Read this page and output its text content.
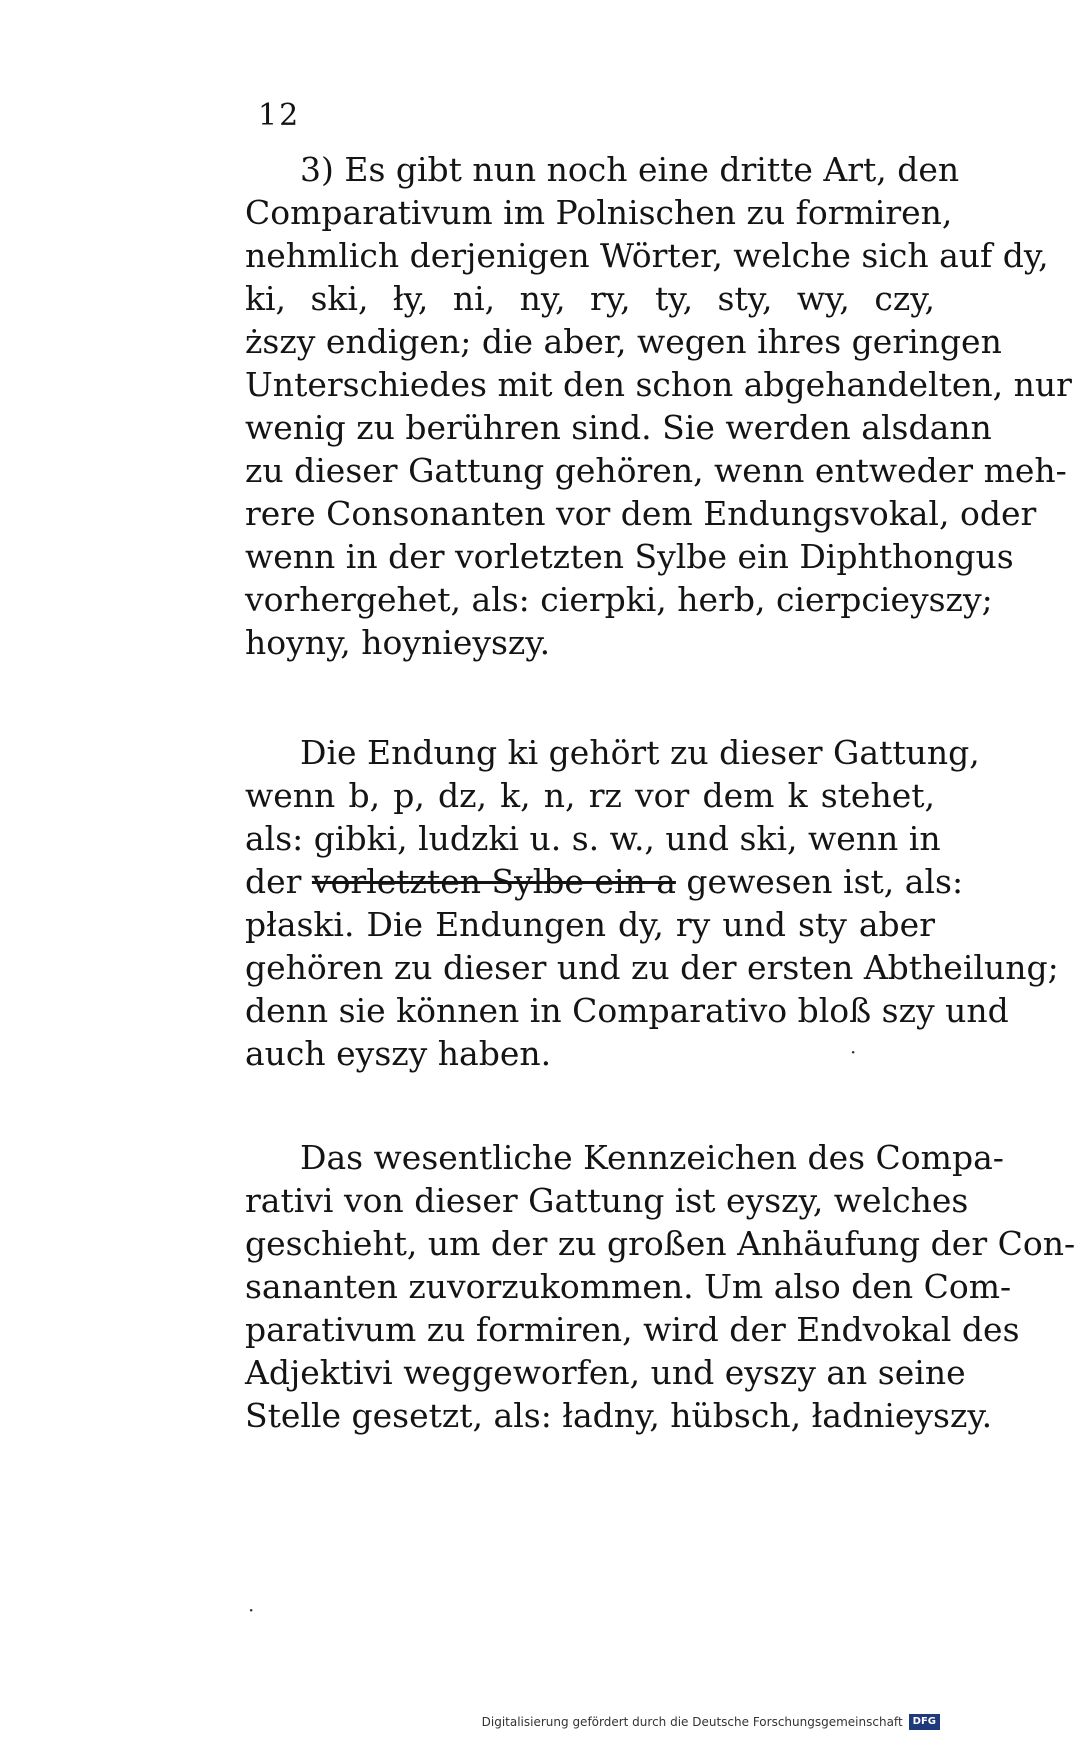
12
3) Es gibt nun noch eine dritte Art, den
Comparativum im Polnischen zu formiren,
nehmlich derjenigen Wörter, welche sich auf dy,
ki, ski, ły, ni, ny, ry, ty, sty, wy, czy,
ższy endigen; die aber, wegen ihres geringen
Unterschiedes mit den schon abgehandelten, nur
wenig zu berühren sind. Sie werden alsdann
zu dieser Gattung gehören, wenn entweder meh-
rere Consonanten vor dem Endungsvokal, oder
wenn in der vorletzten Sylbe ein Diphthongus
vorhergehet, als: cierpki, herb, cierpcieyszy;
hoyny, hoynieyszy.
Die Endung ki gehört zu dieser Gattung,
wenn b, p, dz, k, n, rz vor dem k stehet,
als: gibki, ludzki u. s. w., und ski, wenn in
der vorletzten Sylbe ein a gewesen ist, als:
płaski. Die Endungen dy, ry und sty aber
gehören zu dieser und zu der ersten Abtheilung;
denn sie können in Comparativo bloß szy und
auch eyszy haben.
Das wesentliche Kennzeichen des Compa-
rativi von dieser Gattung ist eyszy, welches
geschieht, um der zu großen Anhäufung der Con-
sananten zuvorzukommen. Um also den Com-
parativum zu formiren, wird der Endvokal des
Adjektivi weggeworfen, und eyszy an seine
Stelle gesetzt, als: ładny, hübsch, ładnieyszy.
·
·
Digitalisierung gefördert durch die Deutsche Forschungsgemeinschaft	DFG
